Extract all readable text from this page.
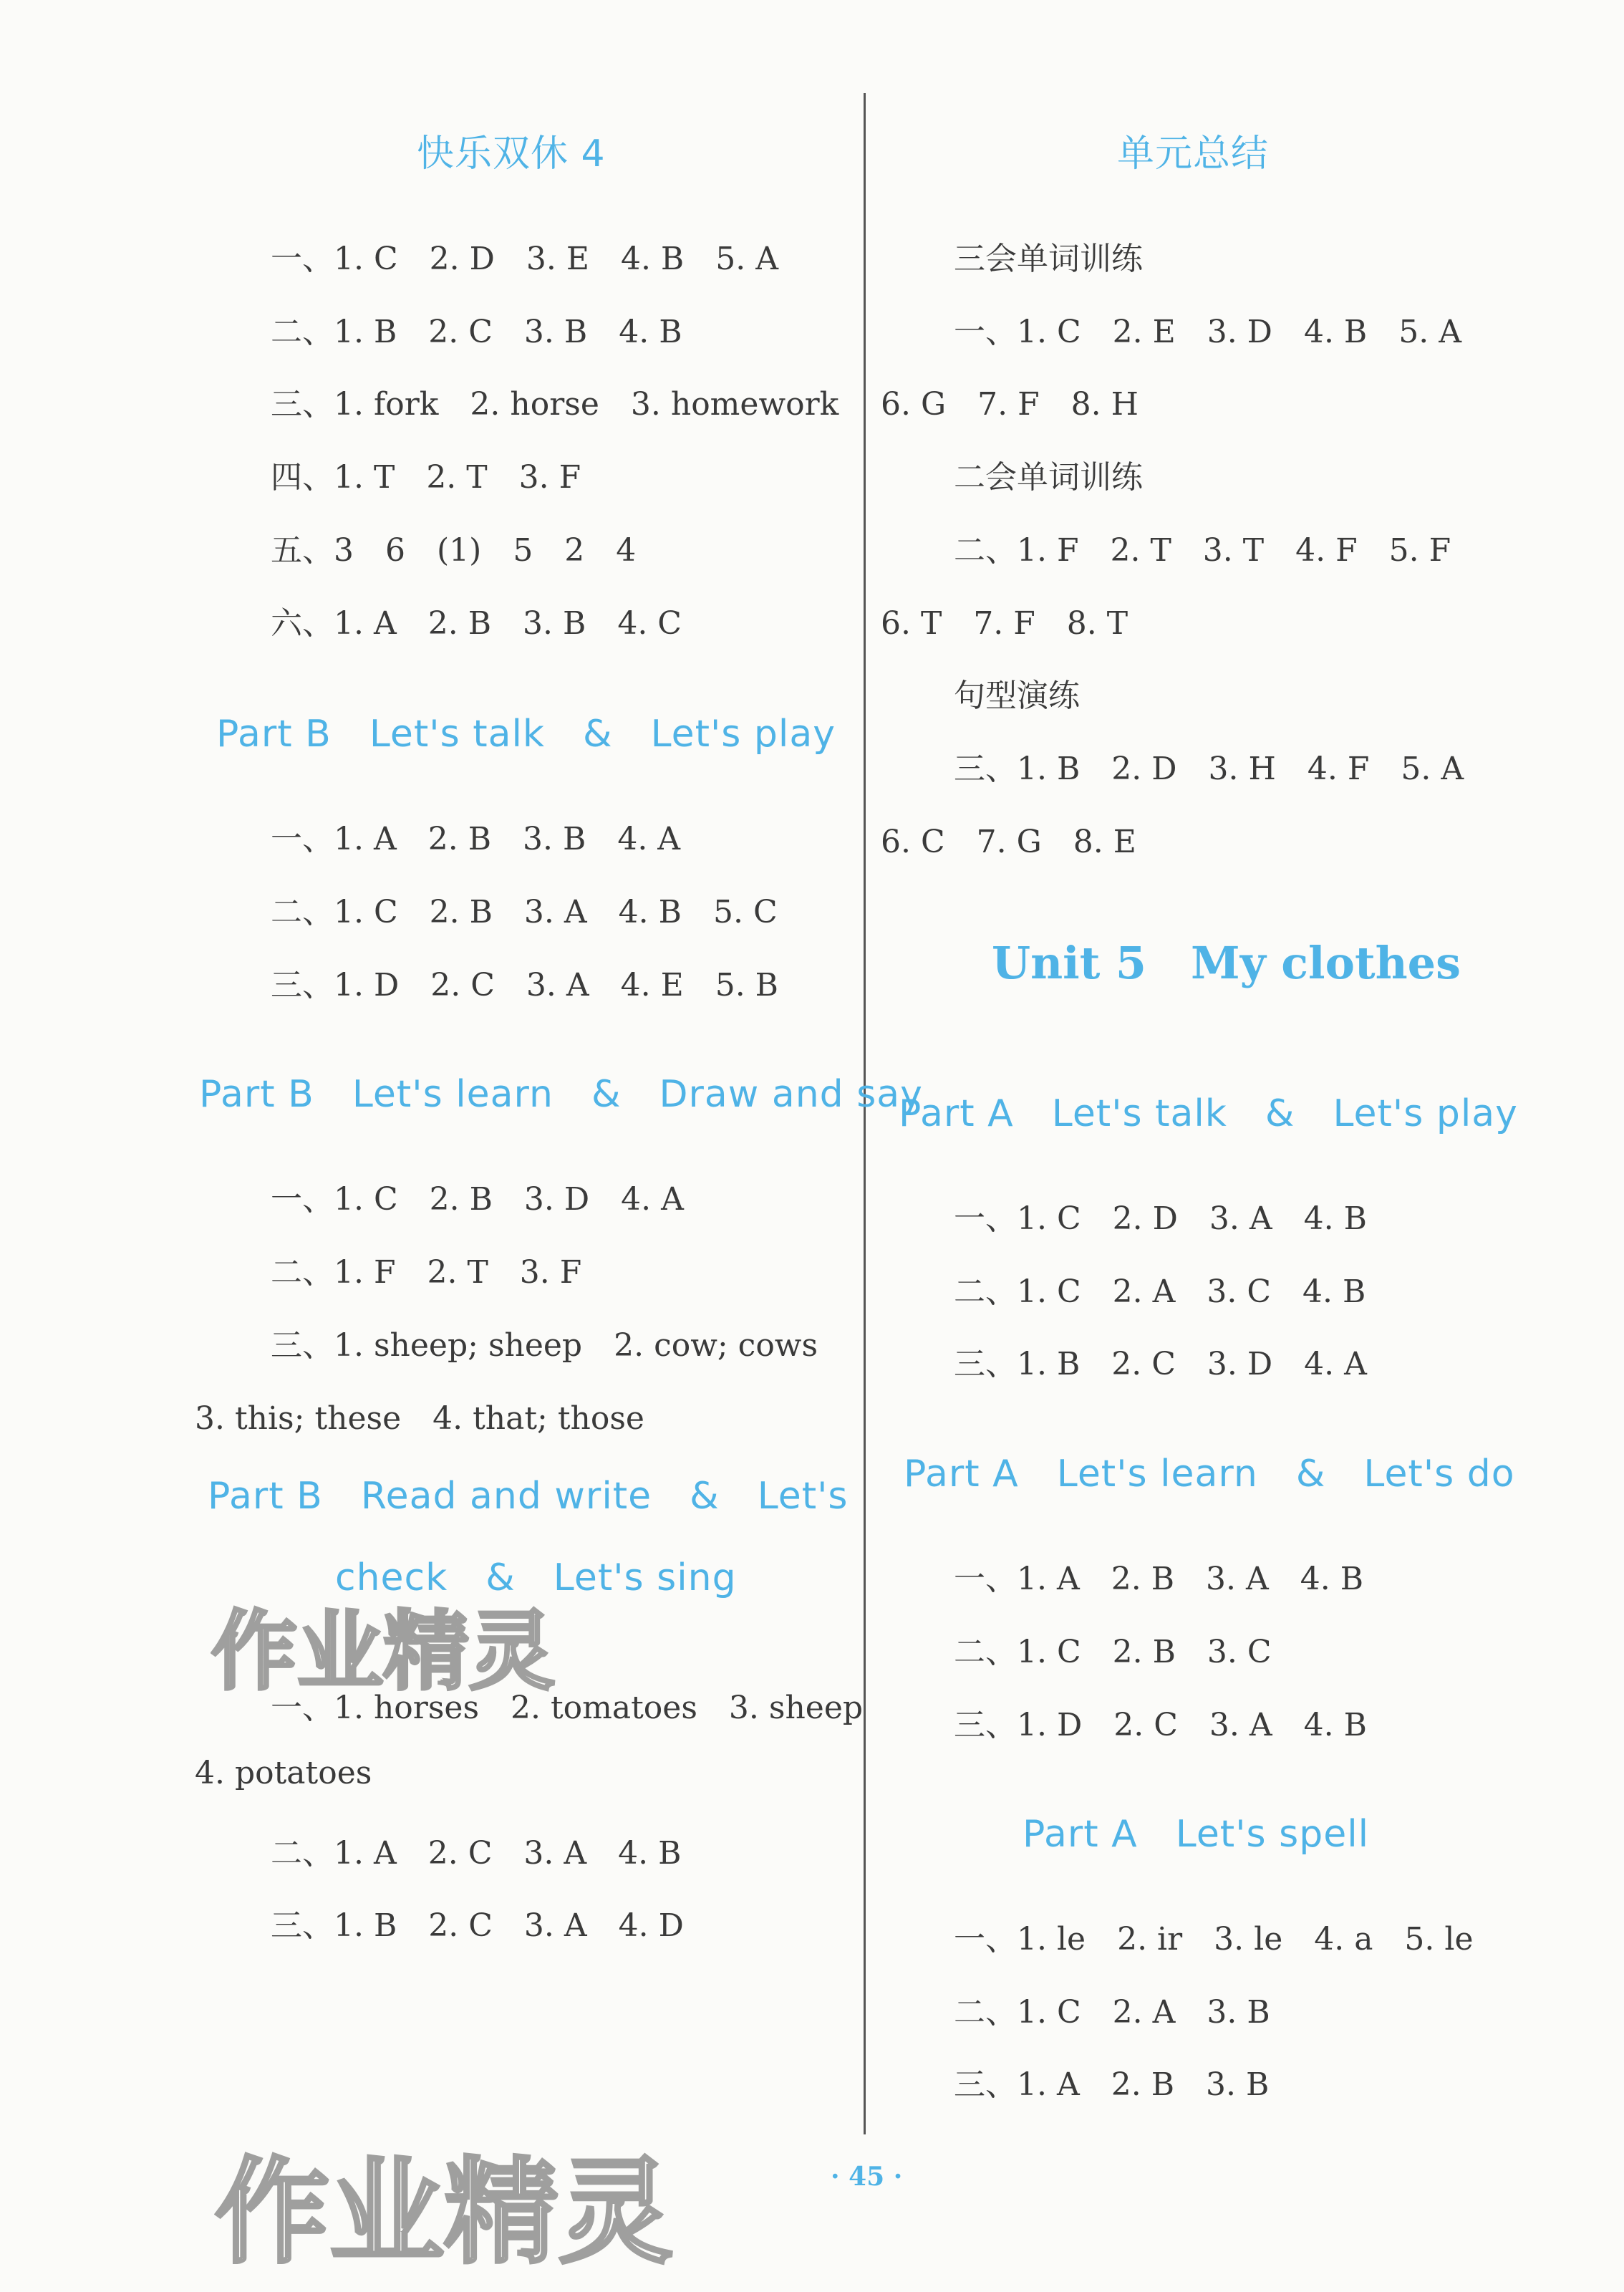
快乐双休 4
一、1. C　2. D　3. E　4. B　5. A
二、1. B　2. C　3. B　4. B
三、1. fork　2. horse　3. homework
四、1. T　2. T　3. F
五、3　6　(1)　5　2　4
六、1. A　2. B　3. B　4. C
Part B　Let's talk　&　Let's play
一、1. A　2. B　3. B　4. A
二、1. C　2. B　3. A　4. B　5. C
三、1. D　2. C　3. A　4. E　5. B
Part B　Let's learn　&　Draw and say
一、1. C　2. B　3. D　4. A
二、1. F　2. T　3. F
三、1. sheep; sheep　2. cow; cows
3. this; these　4. that; those
Part B　Read and write　&　Let's
check　&　Let's sing
一、1. horses　2. tomatoes　3. sheep
4. potatoes
二、1. A　2. C　3. A　4. B
三、1. B　2. C　3. A　4. D
单元总结
三会单词训练
一、1. C　2. E　3. D　4. B　5. A
6. G　7. F　8. H
二会单词训练
二、1. F　2. T　3. T　4. F　5. F
6. T　7. F　8. T
句型演练
三、1. B　2. D　3. H　4. F　5. A
6. C　7. G　8. E
Unit 5　My clothes
Part A　Let's talk　&　Let's play
一、1. C　2. D　3. A　4. B
二、1. C　2. A　3. C　4. B
三、1. B　2. C　3. D　4. A
Part A　Let's learn　&　Let's do
一、1. A　2. B　3. A　4. B
二、1. C　2. B　3. C
三、1. D　2. C　3. A　4. B
Part A　Let's spell
一、1. le　2. ir　3. le　4. a　5. le
二、1. C　2. A　3. B
三、1. A　2. B　3. B
作业精灵
作业精灵	· 45 ·
